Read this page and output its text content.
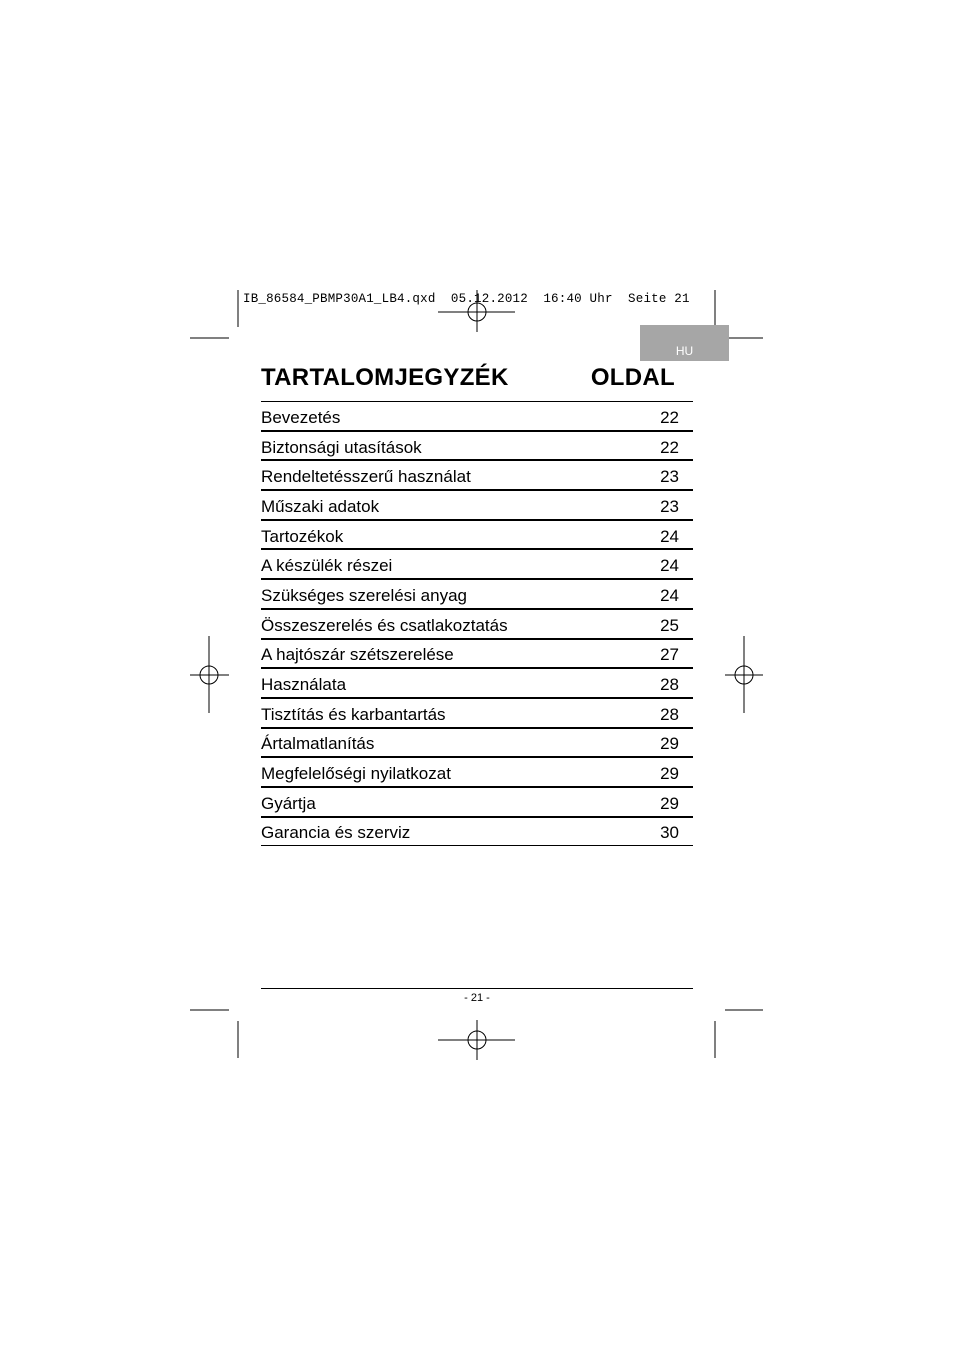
IB_86584_PBMP30A1_LB4.qxd  05.12.2012  16:40 Uhr  Seite 21
HU
TARTALOMJEGYZÉK	OLDAL
Bevezetés	22
Biztonsági utasítások	22
Rendeltetésszerű használat	23
Műszaki adatok	23
Tartozékok	24
A készülék részei	24
Szükséges szerelési anyag	24
Összeszerelés és csatlakoztatás	25
A hajtószár szétszerelése	27
Használata	28
Tisztítás és karbantartás	28
Ártalmatlanítás	29
Megfelelőségi nyilatkozat	29
Gyártja	29
Garancia és szerviz	30
- 21 -
